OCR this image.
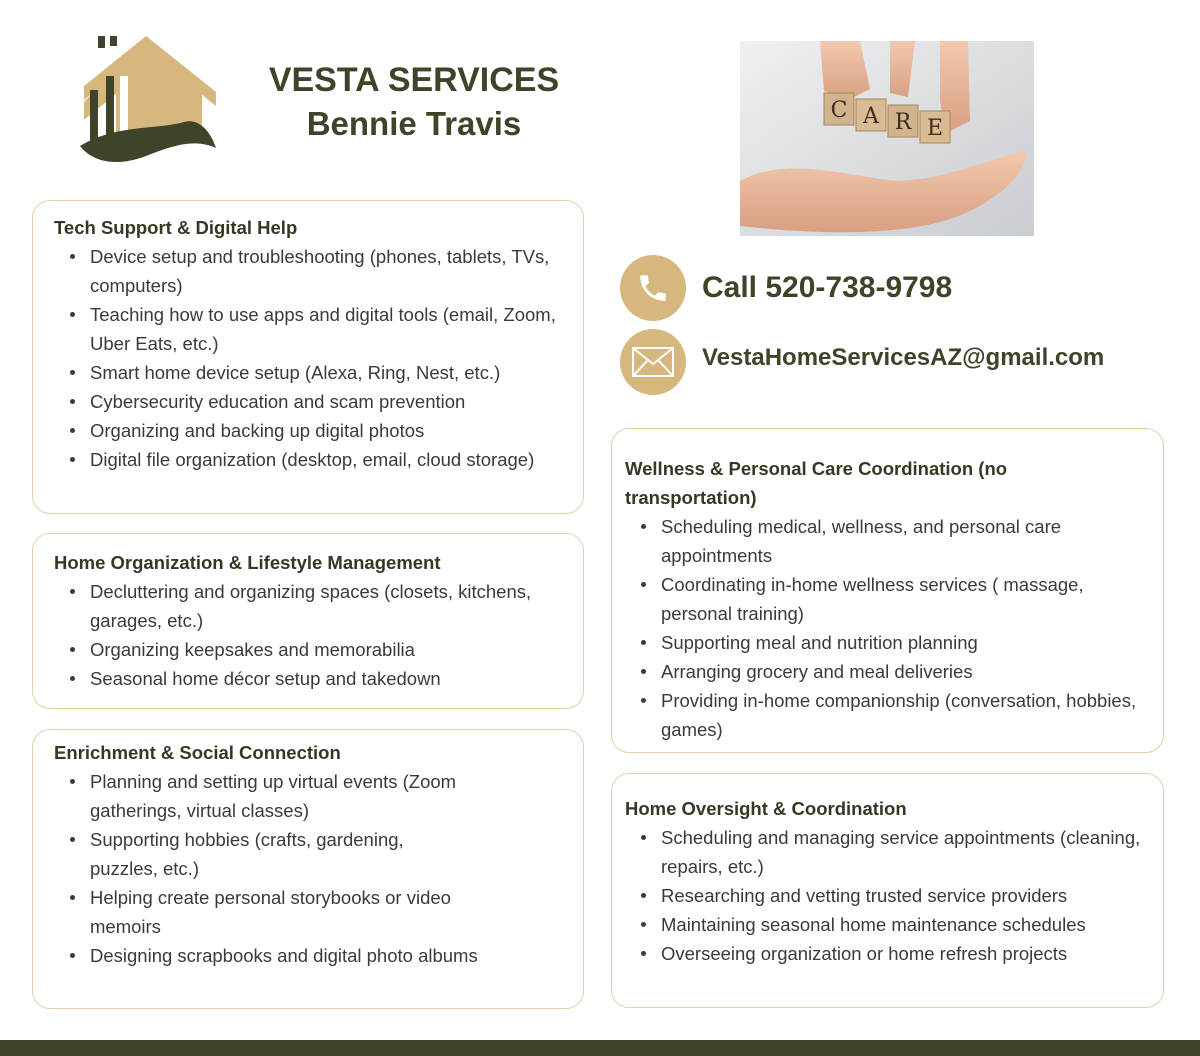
VESTA SERVICES
Bennie Travis	C A R E
Call 520-738-9798
VestaHomeServicesAZ@gmail.com
Tech Support & Digital Help
Device setup and troubleshooting (phones, tablets, TVs, computers)
Teaching how to use apps and digital tools (email, Zoom, Uber Eats, etc.)
Smart home device setup (Alexa, Ring, Nest, etc.)
Cybersecurity education and scam prevention
Organizing and backing up digital photos
Digital file organization (desktop, email, cloud storage)
Home Organization & Lifestyle Management
Decluttering and organizing spaces (closets, kitchens, garages, etc.)
Organizing keepsakes and memorabilia
Seasonal home décor setup and takedown
Enrichment & Social Connection
Planning and setting up virtual events (Zoom gatherings, virtual classes)
Supporting hobbies (crafts, gardening, puzzles, etc.)
Helping create personal storybooks or video memoirs
Designing scrapbooks and digital photo albums
Wellness & Personal Care Coordination (no transportation)
Scheduling medical, wellness, and personal care appointments
Coordinating in-home wellness services ( massage, personal training)
Supporting meal and nutrition planning
Arranging grocery and meal deliveries
Providing in-home companionship (conversation, hobbies, games)
Home Oversight & Coordination
Scheduling and managing service appointments (cleaning, repairs, etc.)
Researching and vetting trusted service providers
Maintaining seasonal home maintenance schedules
Overseeing organization or home refresh projects
